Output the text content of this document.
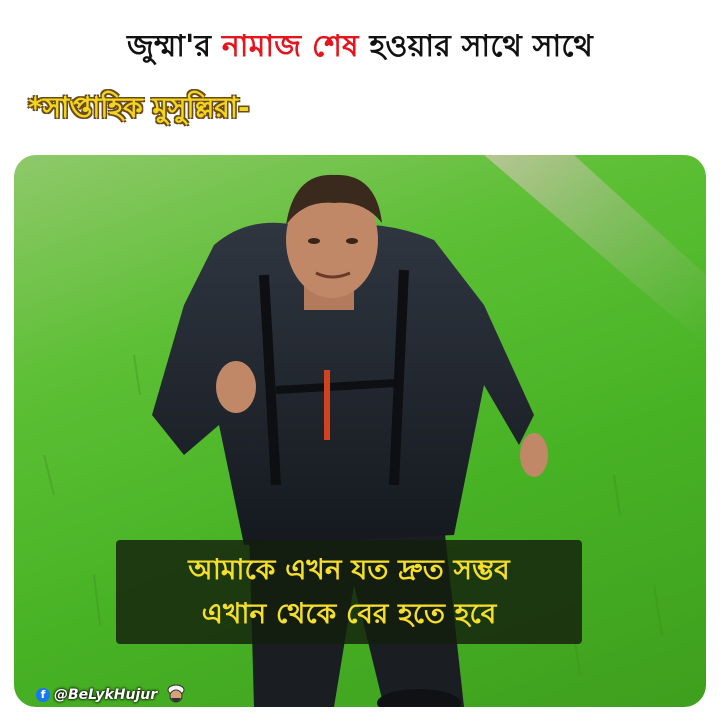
জুম্মা'র নামাজ শেষ হওয়ার সাথে সাথে
*সাপ্তাহিক মুসুল্লিরা-
আমাকে এখন যত দ্রুত সম্ভব
এখান থেকে বের হতে হবে
f @BeLykHujur
